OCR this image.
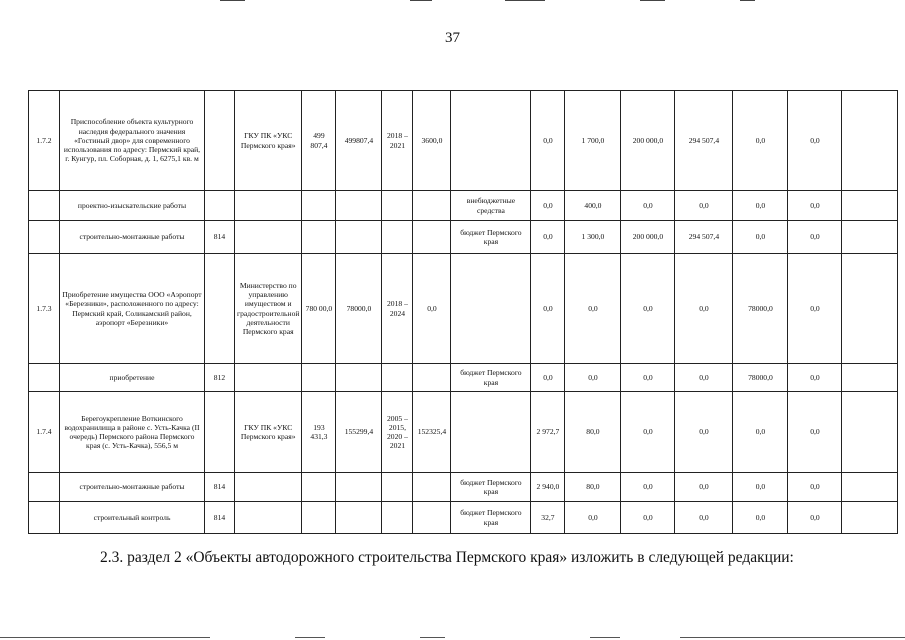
37
1.7.2	Приспособление объекта культурного наследия федерального значения «Гостиный двор» для современного использования по адресу: Пермский край, г. Кунгур, пл. Соборная, д. 1, 6275,1 кв. м		ГКУ ПК «УКС Пермского края»	499 807,4	499807,4	2018 – 2021	3600,0		0,0	1 700,0	200 000,0	294 507,4	0,0	0,0	
	проектно-изыскательские работы							внебюджетные средства	0,0	400,0	0,0	0,0	0,0	0,0	
	строительно-монтажные работы	814						бюджет Пермского края	0,0	1 300,0	200 000,0	294 507,4	0,0	0,0	
1.7.3	Приобретение имущества ООО «Аэропорт «Березники», расположенного по адресу: Пермский край, Соликамский район, аэропорт «Березники»		Министерство по управлению имуществом и градостроительной деятельности Пермского края	780 00,0	78000,0	2018 – 2024	0,0		0,0	0,0	0,0	0,0	78000,0	0,0	
	приобретение	812						бюджет Пермского края	0,0	0,0	0,0	0,0	78000,0	0,0	
1.7.4	Берегоукрепление Воткинского водохранилища в районе с. Усть-Качка (II очередь) Пермского района Пермского края (с. Усть-Качка), 556,5 м		ГКУ ПК «УКС Пермского края»	193 431,3	155299,4	2005 – 2015, 2020 – 2021	152325,4		2 972,7	80,0	0,0	0,0	0,0	0,0	
	строительно-монтажные работы	814						бюджет Пермского края	2 940,0	80,0	0,0	0,0	0,0	0,0	
	строительный контроль	814						бюджет Пермского края	32,7	0,0	0,0	0,0	0,0	0,0	
2.3. раздел 2 «Объекты автодорожного строительства Пермского края» изложить в следующей редакции:
